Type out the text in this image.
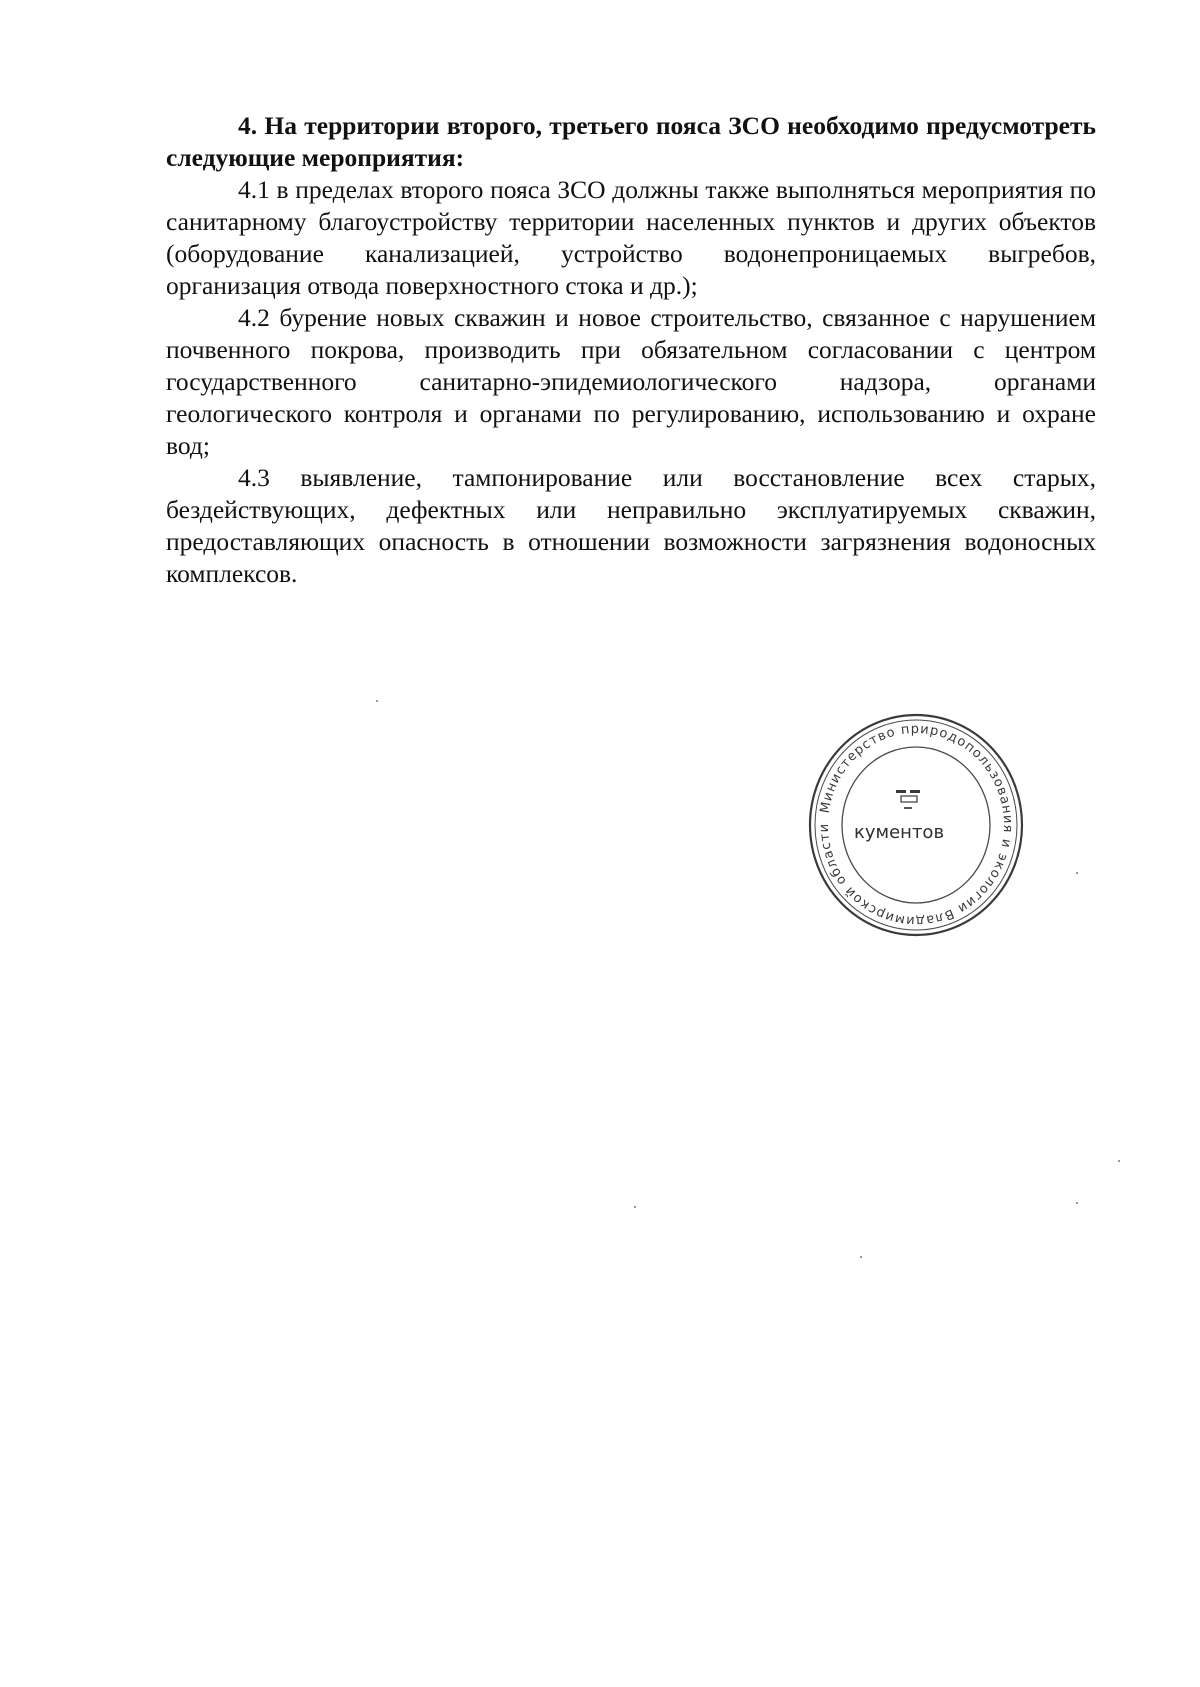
4. На территории второго, третьего пояса ЗСО необходимо предусмотреть следующие мероприятия:

4.1 в пределах второго пояса ЗСО должны также выполняться мероприятия по санитарному благоустройству территории населенных пунктов и других объектов (оборудование канализацией, устройство водонепроницаемых выгребов, организация отвода поверхностного стока и др.);

4.2 бурение новых скважин и новое строительство, связанное с нарушением почвенного покрова, производить при обязательном согласовании с центром государственного санитарно-эпидемиологического надзора, органами геологического контроля и органами по регулированию, использованию и охране вод;

4.3 выявление, тампонирование или восстановление всех старых, бездействующих, дефектных или неправильно эксплуатируемых скважин, предоставляющих опасность в отношении возможности загрязнения водоносных комплексов.

Министерство природопользования и экологии Владимирской области	кументов
